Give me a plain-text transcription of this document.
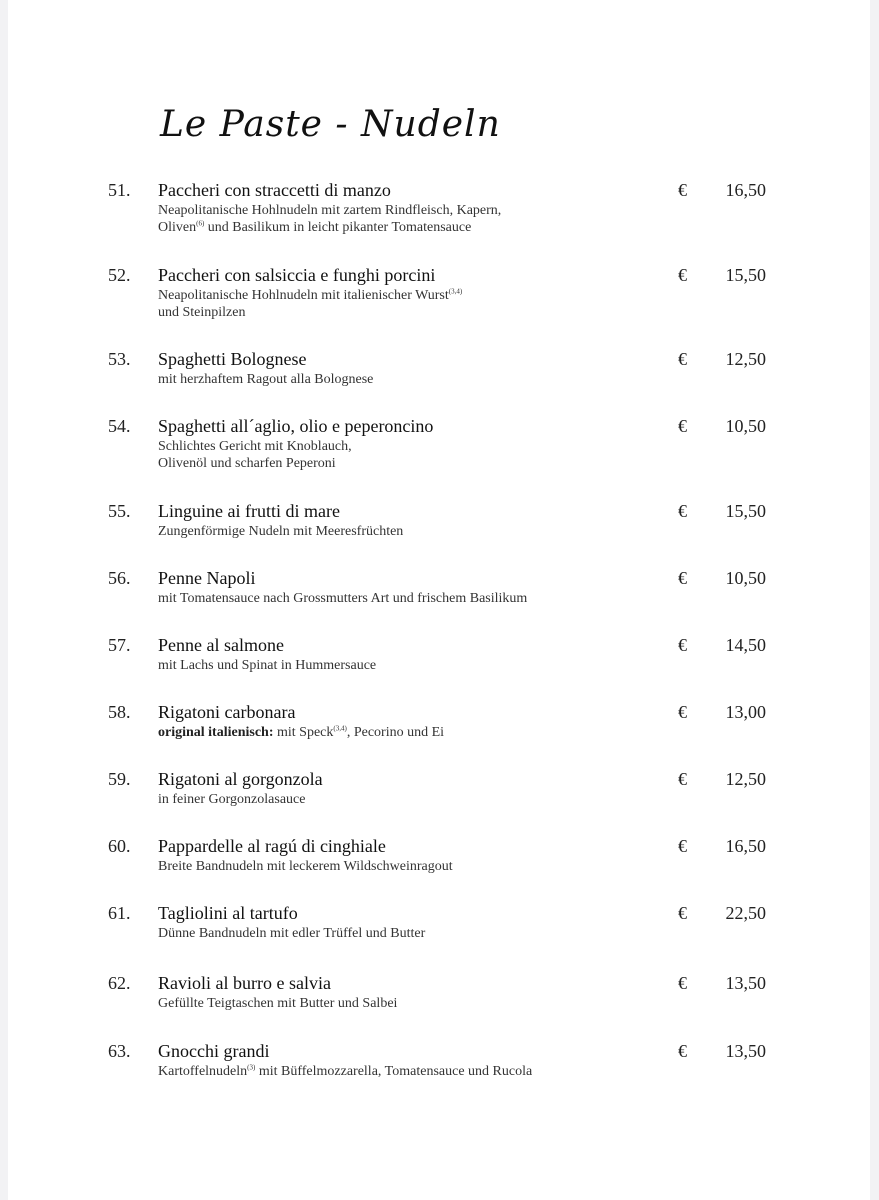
Le Paste - Nudeln
51. Paccheri con straccetti di manzo
Neapolitanische Hohlnudeln mit zartem Rindfleisch, Kapern,
Oliven$^{(6)}$ und Basilikum in leicht pikanter Tomatensauce
€	16,50
52. Paccheri con salsiccia e funghi porcini
Neapolitanische Hohlnudeln mit italienischer Wurst$^{(3,4)}$
und Steinpilzen
€	15,50
53. Spaghetti Bolognese
mit herzhaftem Ragout alla Bolognese
€	12,50
54. Spaghetti all´aglio, olio e peperoncino
Schlichtes Gericht mit Knoblauch,
Olivenöl und scharfen Peperoni
€	10,50
55. Linguine ai frutti di mare
Zungenförmige Nudeln mit Meeresfrüchten
€	15,50
56. Penne Napoli
mit Tomatensauce nach Grossmutters Art und frischem Basilikum
€	10,50
57. Penne al salmone
mit Lachs und Spinat in Hummersauce
€	14,50
58. Rigatoni carbonara
original italienisch: mit Speck$^{(3,4)}$, Pecorino und Ei
€	13,00
59. Rigatoni al gorgonzola
in feiner Gorgonzolasauce
€	12,50
60. Pappardelle al ragú di cinghiale
Breite Bandnudeln mit leckerem Wildschweinragout
€	16,50
61. Tagliolini al tartufo
Dünne Bandnudeln mit edler Trüffel und Butter
€	22,50
62. Ravioli al burro e salvia
Gefüllte Teigtaschen mit Butter und Salbei
€	13,50
63. Gnocchi grandi
Kartoffelnudeln$^{(3)}$ mit Büffelmozzarella, Tomatensauce und Rucola
€	13,50
